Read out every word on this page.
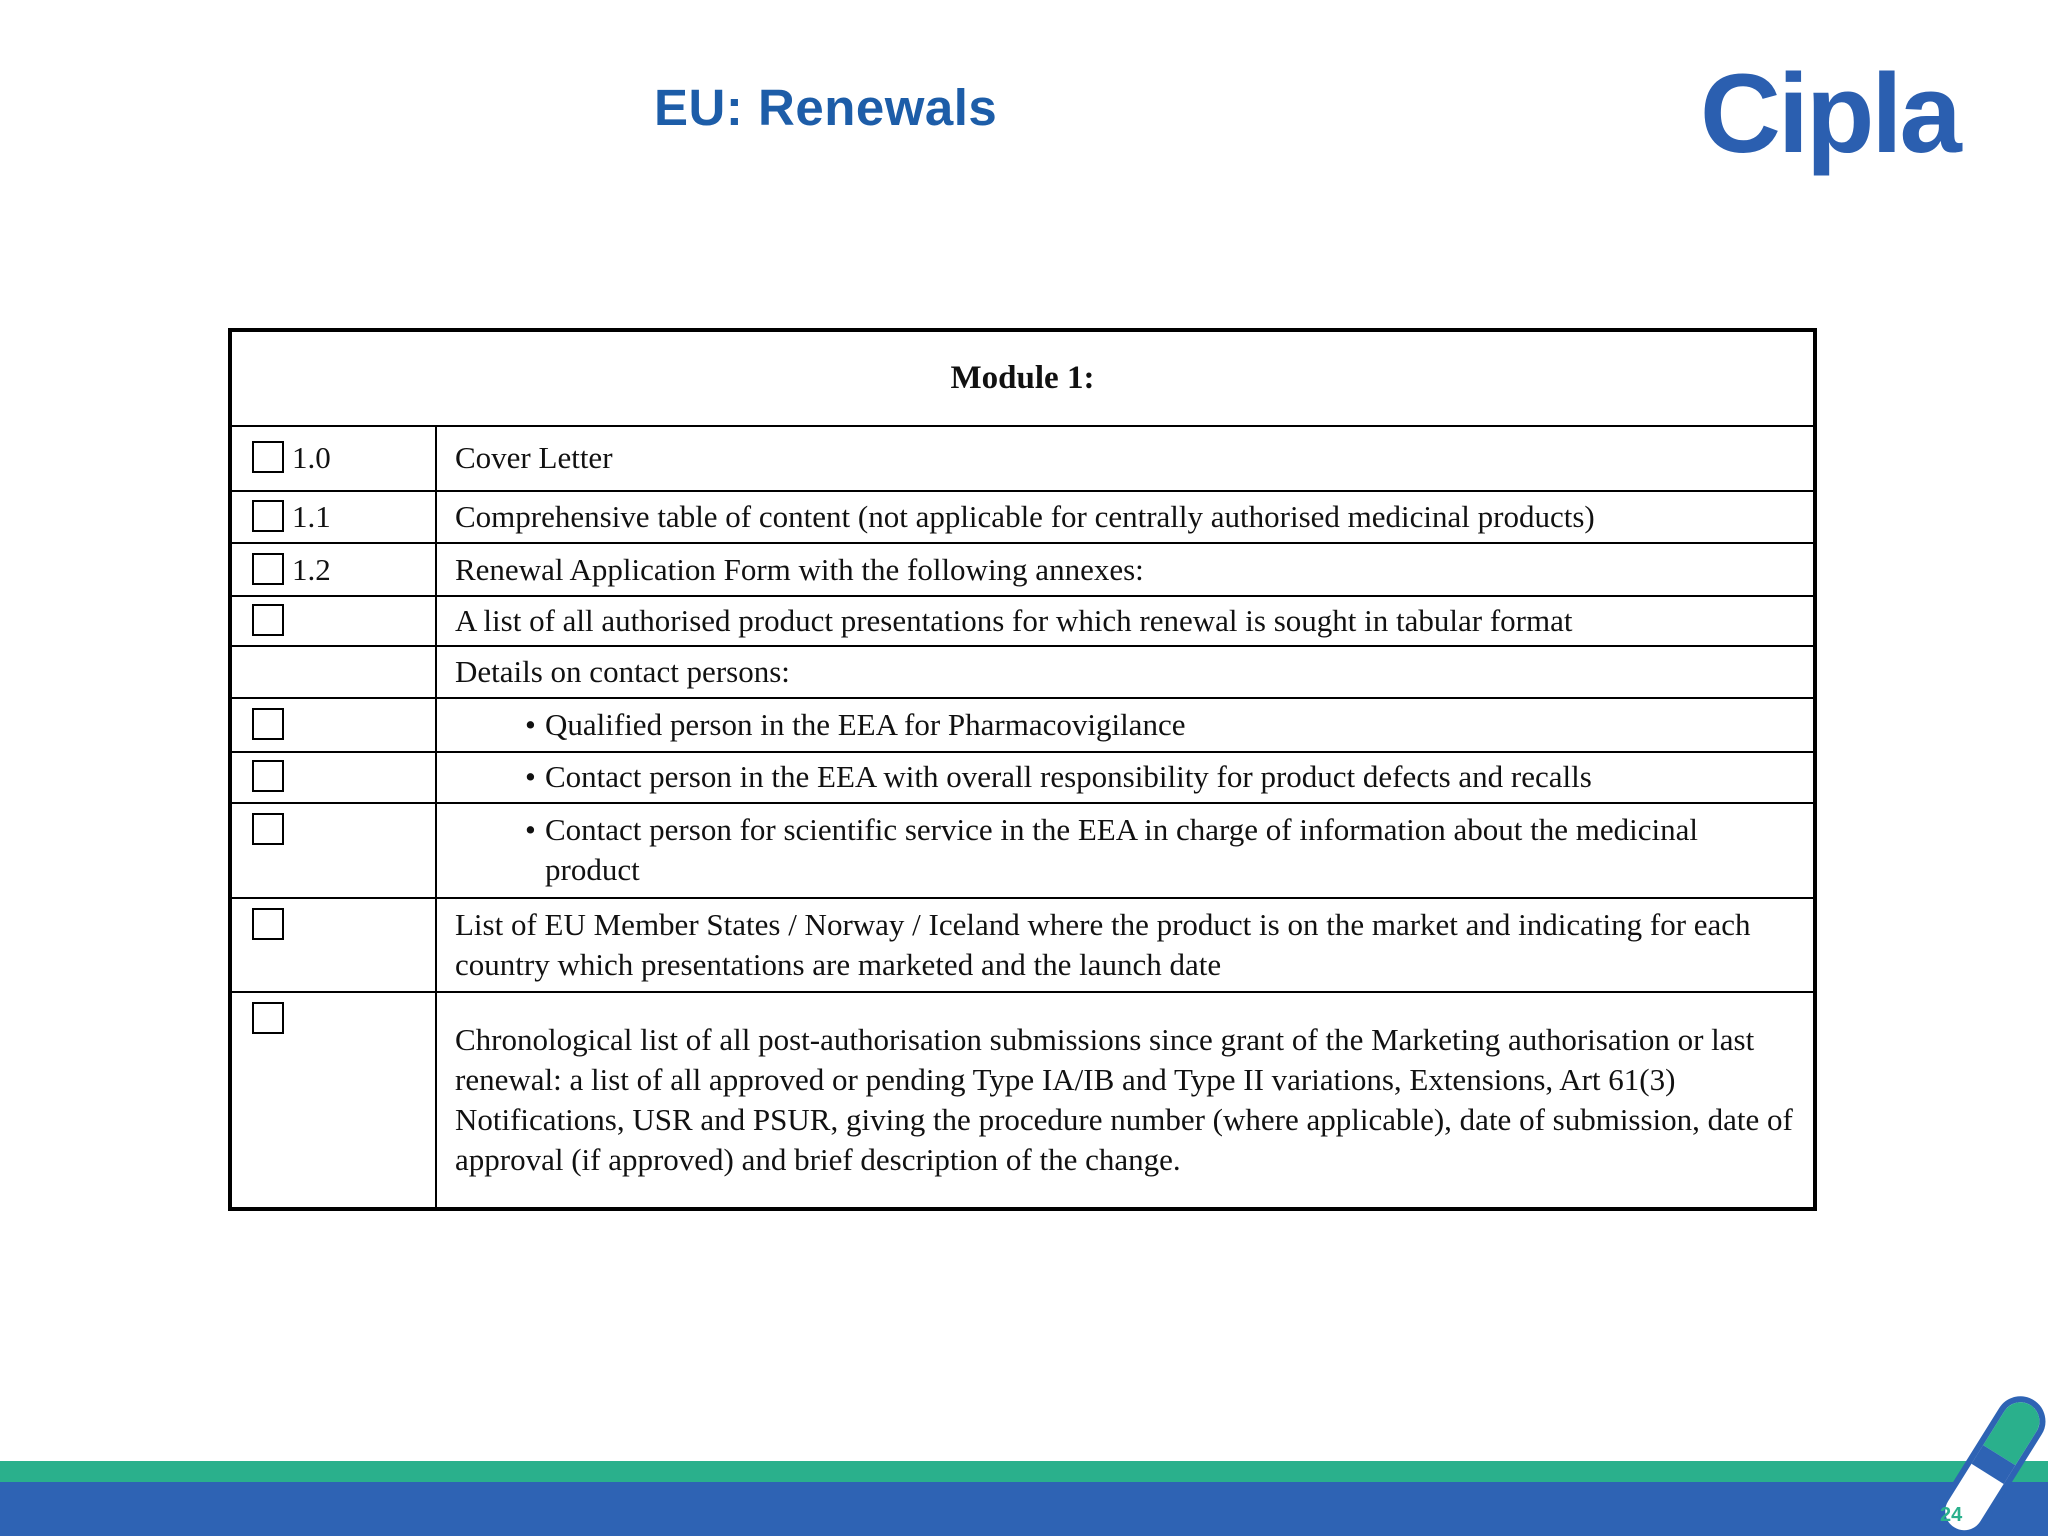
EU: Renewals	Cipla
Module 1:	
1.0	Cover Letter
1.1	Comprehensive table of content (not applicable for centrally authorised medicinal products)
1.2	Renewal Application Form with the following annexes:
	A list of all authorised product presentations for which renewal is sought in tabular format
	Details on contact persons:

	• Qualified person in the EEA for Pharmacovigilance

	• Contact person in the EEA with overall responsibility for product defects and recalls

	• Contact person for scientific service in the EEA in charge of information about the medicinal product

	List of EU Member States / Norway / Iceland where the product is on the market and indicating for each country which presentations are marketed and the launch date
	Chronological list of all post-authorisation submissions since grant of the Marketing authorisation or last renewal: a list of all approved or pending Type IA/IB and Type II variations, Extensions, Art 61(3) Notifications, USR and PSUR, giving the procedure number (where applicable), date of submission, date of approval (if approved) and brief description of the change.
24
